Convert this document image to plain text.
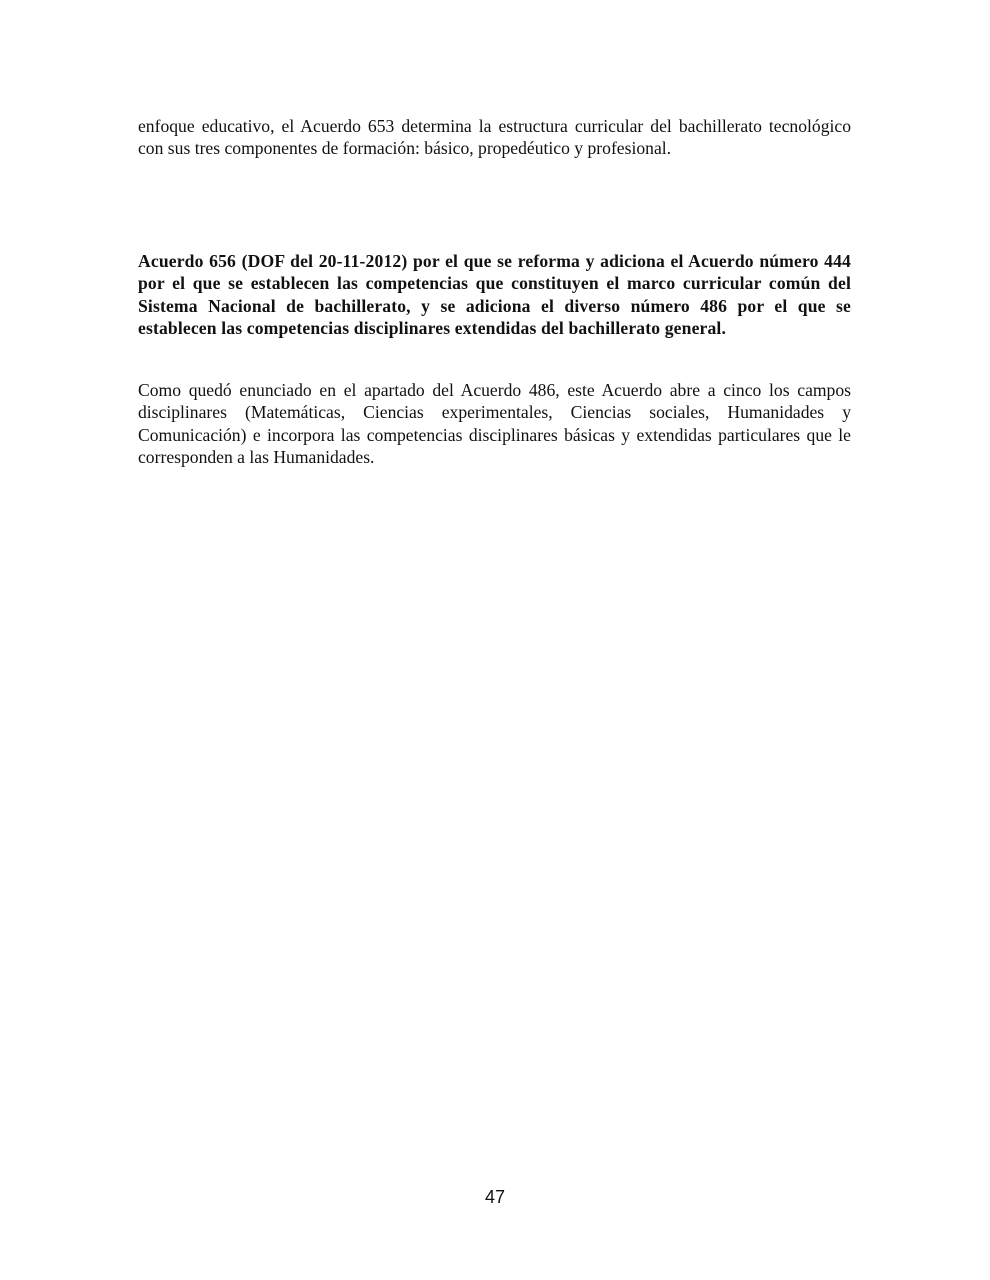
enfoque educativo, el Acuerdo 653 determina la estructura curricular del bachillerato tecnológico con sus tres componentes de formación: básico, propedéutico y profesional.

Acuerdo 656 (DOF del 20-11-2012) por el que se reforma y adiciona el Acuerdo número 444 por el que se establecen las competencias que constituyen el marco curricular común del Sistema Nacional de bachillerato, y se adiciona el diverso número 486 por el que se establecen las competencias disciplinares extendidas del bachillerato general.

Como quedó enunciado en el apartado del Acuerdo 486, este Acuerdo abre a cinco los campos disciplinares (Matemáticas, Ciencias experimentales, Ciencias sociales, Humanidades y Comunicación) e incorpora las competencias disciplinares básicas y extendidas particulares que le corresponden a las Humanidades.

47
